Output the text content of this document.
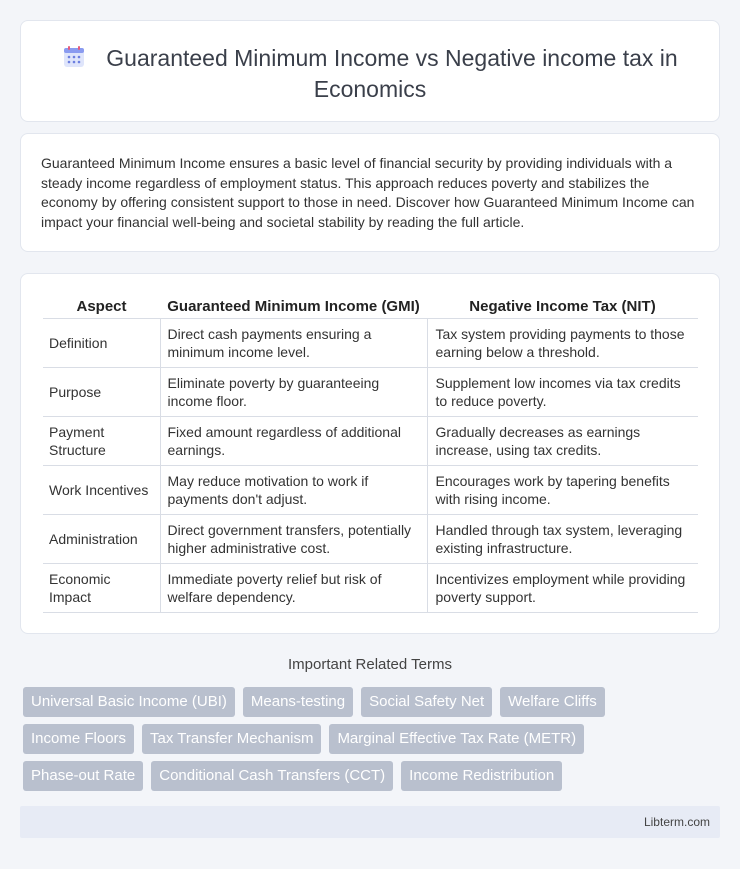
Guaranteed Minimum Income vs Negative income tax in Economics

Guaranteed Minimum Income ensures a basic level of financial security by providing individuals with a steady income regardless of employment status. This approach reduces poverty and stabilizes the economy by offering consistent support to those in need. Discover how Guaranteed Minimum Income can impact your financial well-being and societal stability by reading the full article.

Aspect	Guaranteed Minimum Income (GMI)	Negative Income Tax (NIT)
Definition	Direct cash payments ensuring a minimum income level.	Tax system providing payments to those earning below a threshold.
Purpose	Eliminate poverty by guaranteeing income floor.	Supplement low incomes via tax credits to reduce poverty.
Payment Structure	Fixed amount regardless of additional earnings.	Gradually decreases as earnings increase, using tax credits.
Work Incentives	May reduce motivation to work if payments don't adjust.	Encourages work by tapering benefits with rising income.
Administration	Direct government transfers, potentially higher administrative cost.	Handled through tax system, leveraging existing infrastructure.
Economic Impact	Immediate poverty relief but risk of welfare dependency.	Incentivizes employment while providing poverty support.
Important Related Terms
Universal Basic Income (UBI)	Means-testing	Social Safety Net	Welfare Cliffs
Income Floors	Tax Transfer Mechanism	Marginal Effective Tax Rate (METR)
Phase-out Rate	Conditional Cash Transfers (CCT)	Income Redistribution
Libterm.com
